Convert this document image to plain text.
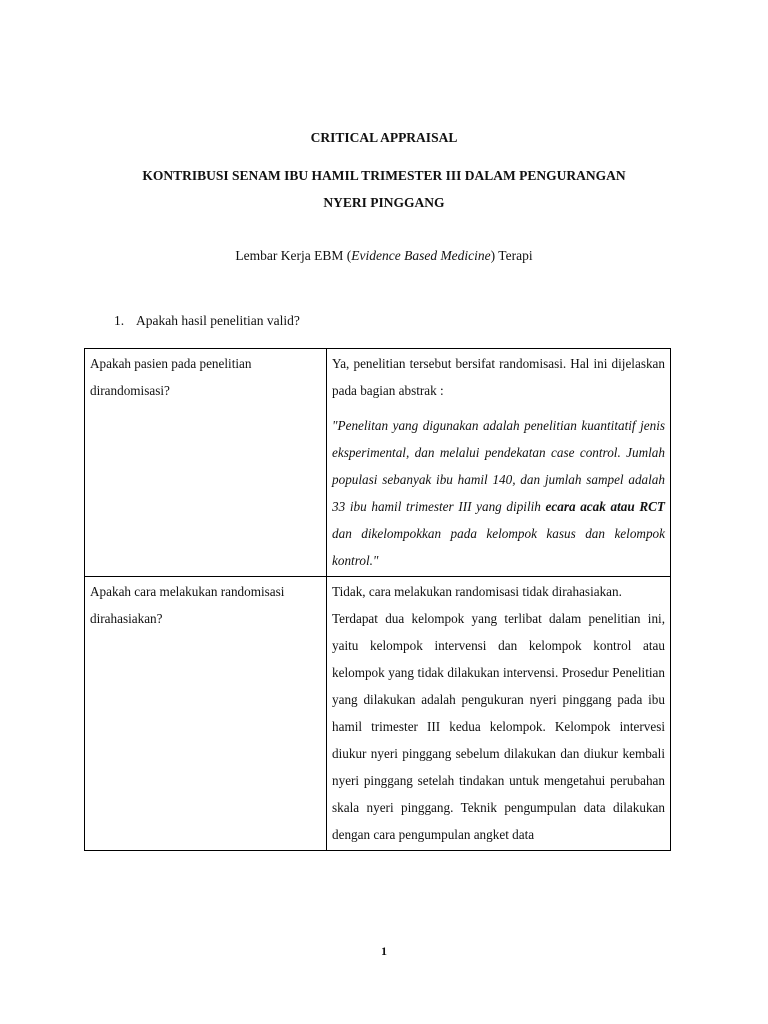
CRITICAL APPRAISAL

KONTRIBUSI SENAM IBU HAMIL TRIMESTER III DALAM PENGURANGAN

NYERI PINGGANG

Lembar Kerja EBM (Evidence Based Medicine) Terapi

1. Apakah hasil penelitian valid?

Apakah pasien pada penelitian dirandomisasi?	Ya, penelitian tersebut bersifat randomisasi. Hal ini dijelaskan pada bagian abstrak :

"Penelitan yang digunakan adalah penelitian kuantitatif jenis eksperimental, dan melalui pendekatan case control. Jumlah populasi sebanyak ibu hamil 140, dan jumlah sampel adalah 33 ibu hamil trimester III yang dipilih ecara acak atau RCT dan dikelompokkan pada kelompok kasus dan kelompok kontrol."

Apakah cara melakukan randomisasi dirahasiakan?	Tidak, cara melakukan randomisasi tidak dirahasiakan.

Terdapat dua kelompok yang terlibat dalam penelitian ini, yaitu kelompok intervensi dan kelompok kontrol atau kelompok yang tidak dilakukan intervensi. Prosedur Penelitian yang dilakukan adalah pengukuran nyeri pinggang pada ibu hamil trimester III kedua kelompok. Kelompok intervesi diukur nyeri pinggang sebelum dilakukan dan diukur kembali nyeri pinggang setelah tindakan untuk mengetahui perubahan skala nyeri pinggang. Teknik pengumpulan data dilakukan dengan cara pengumpulan angket data

1
